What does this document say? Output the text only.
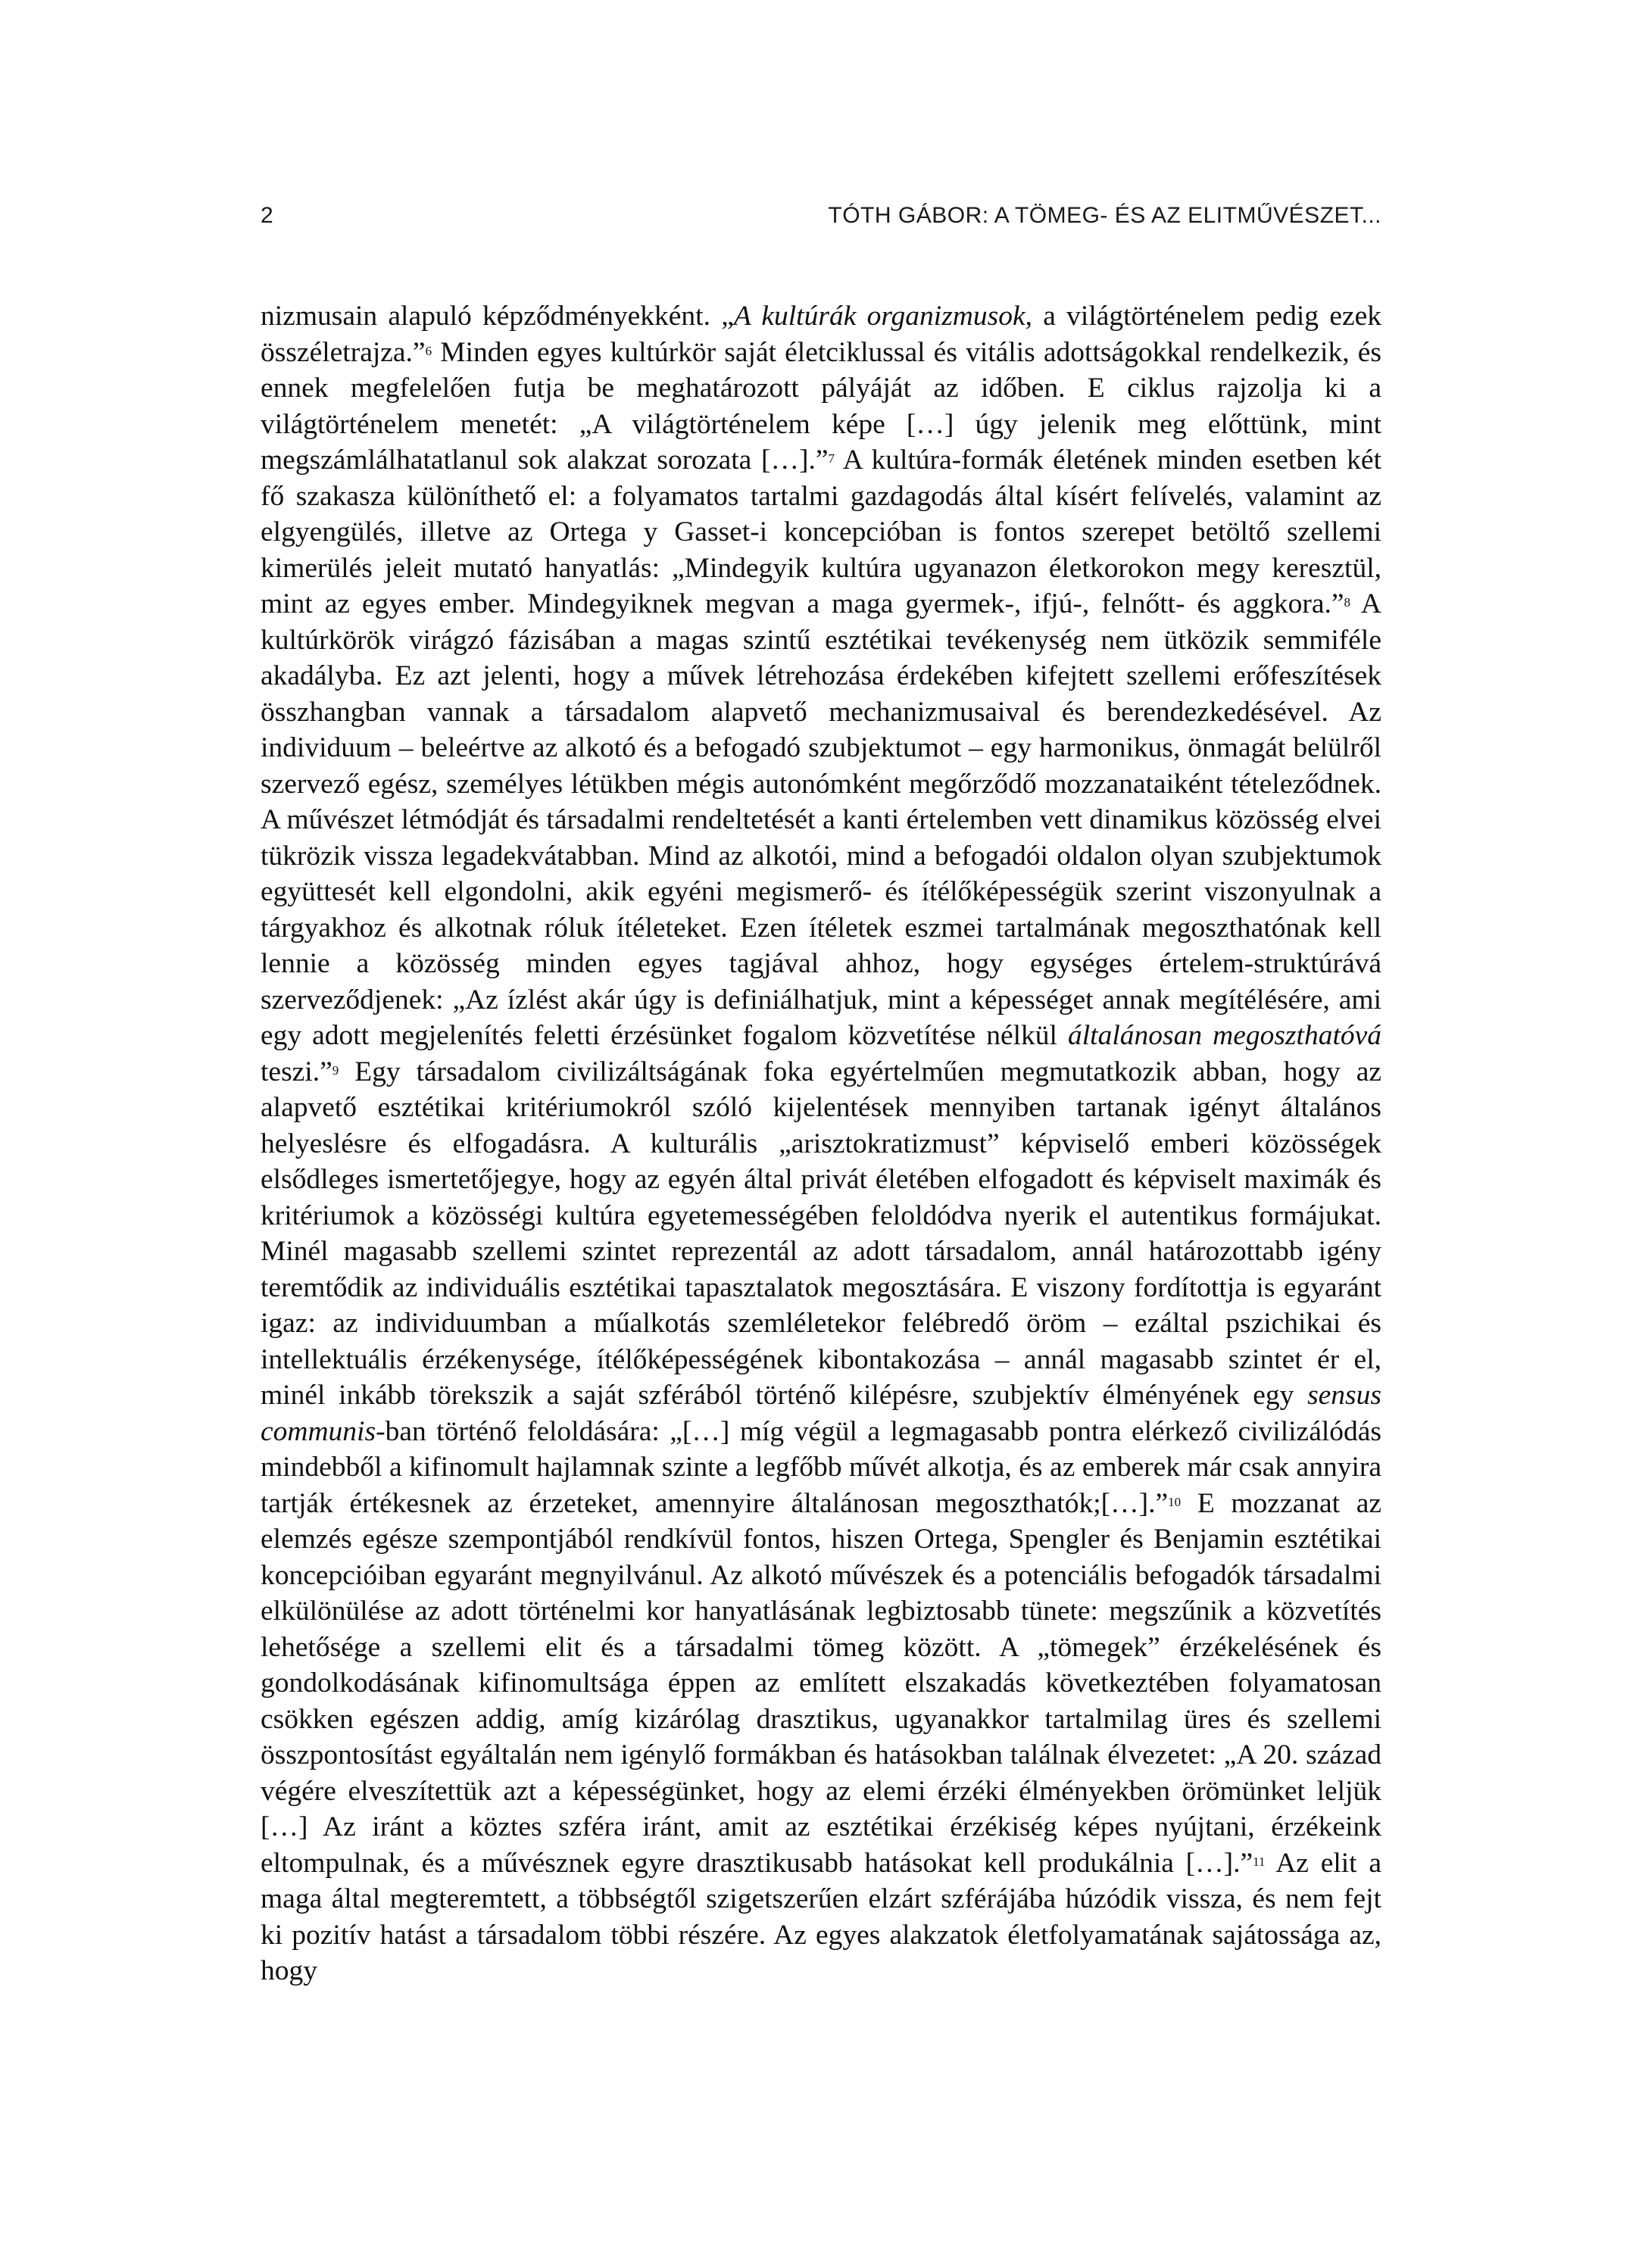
2	TÓTH GÁBOR: A TÖMEG- ÉS AZ ELITMŰVÉSZET...

nizmusain alapuló képződményekként. „A kultúrák organizmusok, a világtörténelem pedig ezek összéletrajza.”$^6$ Minden egyes kultúrkör saját életciklussal és vitális adottságokkal rendelkezik, és ennek megfelelően futja be meghatározott pályáját az időben. E ciklus rajzolja ki a világtörténelem menetét: „A világtörténelem képe […] úgy jelenik meg előttünk, mint megszámlálhatatlanul sok alakzat sorozata […].”$^7$ A kultúra-formák életének minden esetben két fő szakasza különíthető el: a folyamatos tartalmi gazdagodás által kísért felívelés, valamint az elgyengülés, illetve az Ortega y Gasset-i koncepcióban is fontos szerepet betöltő szellemi kimerülés jeleit mutató hanyatlás: „Mindegyik kultúra ugyanazon életkorokon megy keresztül, mint az egyes ember. Mindegyiknek megvan a maga gyermek-, ifjú-, felnőtt- és aggkora.”$^8$ A kultúrkörök virágzó fázisában a magas szintű esztétikai tevékenység nem ütközik semmiféle akadályba. Ez azt jelenti, hogy a művek létrehozása érdekében kifejtett szellemi erőfeszítések összhangban vannak a társadalom alapvető mechanizmusaival és berendezkedésével. Az individuum – beleértve az alkotó és a befogadó szubjektumot – egy harmonikus, önmagát belülről szervező egész, személyes létükben mégis autonómként megőrződő mozzanataiként tételeződnek. A művészet létmódját és társadalmi rendeltetését a kanti értelemben vett dinamikus közösség elvei tükrözik vissza legadekvátabban. Mind az alkotói, mind a befogadói oldalon olyan szubjektumok együttesét kell elgondolni, akik egyéni megismerő- és ítélőképességük szerint viszonyulnak a tárgyakhoz és alkotnak róluk ítéleteket. Ezen ítéletek eszmei tartalmának megoszthatónak kell lennie a közösség minden egyes tagjával ahhoz, hogy egységes értelem-struktúrává szerveződjenek: „Az ízlést akár úgy is definiálhatjuk, mint a képességet annak megítélésére, ami egy adott megjelenítés feletti érzésünket fogalom közvetítése nélkül általánosan megoszthatóvá teszi.”$^9$ Egy társadalom civilizáltságának foka egyértelműen megmutatkozik abban, hogy az alapvető esztétikai kritériumokról szóló kijelentések mennyiben tartanak igényt általános helyeslésre és elfogadásra. A kulturális „arisztokratizmust” képviselő emberi közösségek elsődleges ismertetőjegye, hogy az egyén által privát életében elfogadott és képviselt maximák és kritériumok a közösségi kultúra egyetemességében feloldódva nyerik el autentikus formájukat. Minél magasabb szellemi szintet reprezentál az adott társadalom, annál határozottabb igény teremtődik az individuális esztétikai tapasztalatok megosztására. E viszony fordítottja is egyaránt igaz: az individuumban a műalkotás szemléletekor felébredő öröm – ezáltal pszichikai és intellektuális érzékenysége, ítélőképességének kibontakozása – annál magasabb szintet ér el, minél inkább törekszik a saját szférából történő kilépésre, szubjektív élményének egy sensus communis-ban történő feloldására: „[…] míg végül a legmagasabb pontra elérkező civilizálódás mindebből a kifinomult hajlamnak szinte a legfőbb művét alkotja, és az emberek már csak annyira tartják értékesnek az érzeteket, amennyire általánosan megoszthatók;[…].”$^{10}$ E mozzanat az elemzés egésze szempontjából rendkívül fontos, hiszen Ortega, Spengler és Benjamin esztétikai koncepcióiban egyaránt megnyilvánul. Az alkotó művészek és a potenciális befogadók társadalmi elkülönülése az adott történelmi kor hanyatlásának legbiztosabb tünete: megszűnik a közvetítés lehetősége a szellemi elit és a társadalmi tömeg között. A „tömegek” érzékelésének és gondolkodásának kifinomultsága éppen az említett elszakadás következtében folyamatosan csökken egészen addig, amíg kizárólag drasztikus, ugyanakkor tartalmilag üres és szellemi összpontosítást egyáltalán nem igénylő formákban és hatásokban találnak élvezetet: „A 20. század végére elveszítettük azt a képességünket, hogy az elemi érzéki élményekben örömünket leljük […] Az iránt a köztes szféra iránt, amit az esztétikai érzékiség képes nyújtani, érzékeink eltompulnak, és a művésznek egyre drasztikusabb hatásokat kell produkálnia […].”$^{11}$ Az elit a maga által megteremtett, a többségtől szigetszerűen elzárt szférájába húzódik vissza, és nem fejt ki pozitív hatást a társadalom többi részére. Az egyes alakzatok életfolyamatának sajátossága az, hogy
